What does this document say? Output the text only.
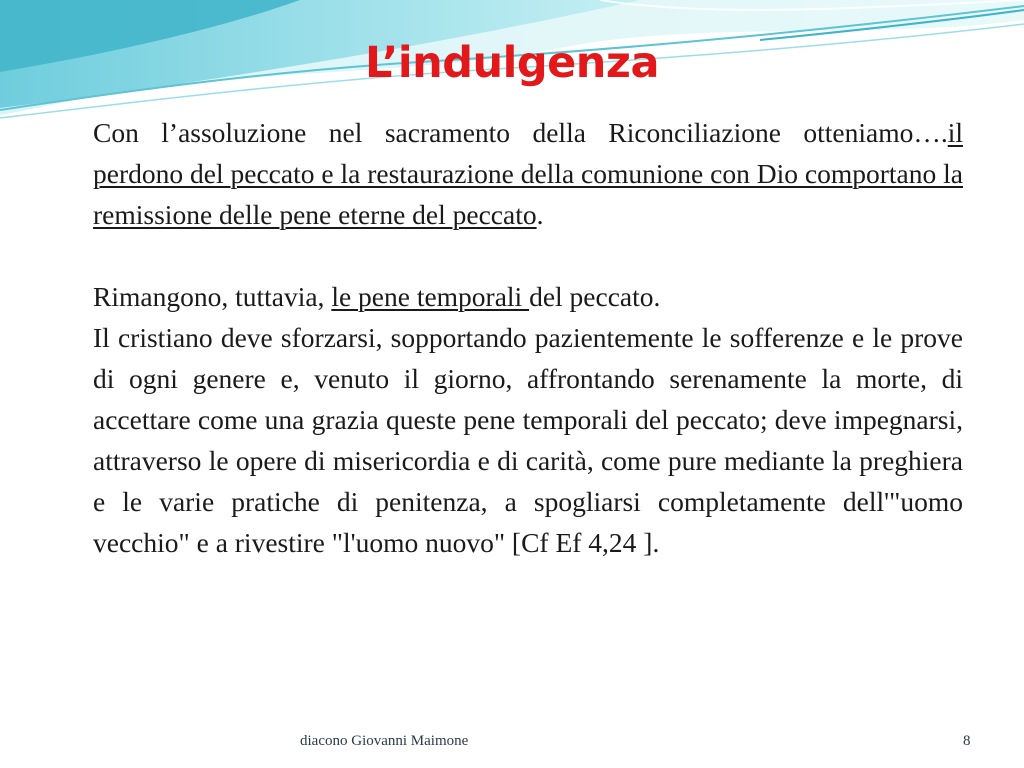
L’indulgenza

Con l’assoluzione nel sacramento della Riconciliazione otteniamo….il perdono del peccato e la restaurazione della comunione con Dio comportano la remissione delle pene eterne del peccato.

Rimangono, tuttavia, le pene temporali del peccato.

Il cristiano deve sforzarsi, sopportando pazientemente le sofferenze e le prove di ogni genere e, venuto il giorno, affrontando serenamente la morte, di accettare come una grazia queste pene temporali del peccato; deve impegnarsi, attraverso le opere di misericordia e di carità, come pure mediante la preghiera e le varie pratiche di penitenza, a spogliarsi completamente dell'"uomo vecchio" e a rivestire "l'uomo nuovo" [Cf Ef 4,24 ].

diacono Giovanni Maimone	8
